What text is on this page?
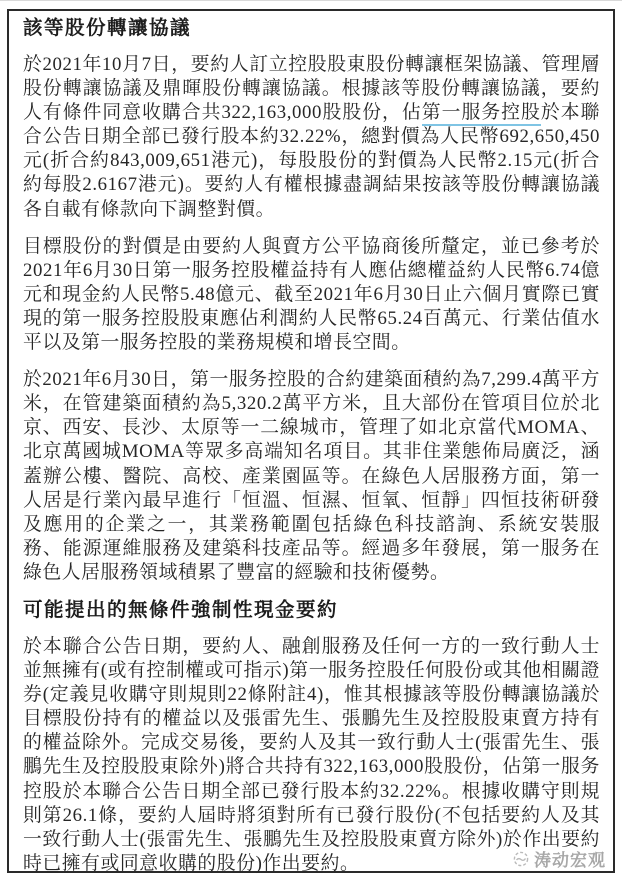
該等股份轉讓協議

於2021年10月7日，要約人訂立控股股東股份轉讓框架協議、管理層股份轉讓協議及鼎暉股份轉讓協議。根據該等股份轉讓協議，要約人有條件同意收購合共322,163,000股股份，佔第一服务控股於本聯合公告日期全部已發行股本約32.22%，總對價為人民幣692,650,450元(折合約843,009,651港元)，每股股份的對價為人民幣2.15元(折合約每股2.6167港元)。要約人有權根據盡調結果按該等股份轉讓協議各自載有條款向下調整對價。

目標股份的對價是由要約人與賣方公平協商後所釐定，並已參考於2021年6月30日第一服务控股權益持有人應佔總權益約人民幣6.74億元和現金約人民幣5.48億元、截至2021年6月30日止六個月實際已實現的第一服务控股股東應佔利潤約人民幣65.24百萬元、行業估值水平以及第一服务控股的業務規模和增長空間。

於2021年6月30日，第一服务控股的合約建築面積約為7,299.4萬平方米，在管建築面積約為5,320.2萬平方米，且大部份在管項目位於北京、西安、長沙、太原等一二線城市，管理了如北京當代MOMA、北京萬國城MOMA等眾多高端知名項目。其非住業態佈局廣泛，涵蓋辦公樓、醫院、高校、產業園區等。在綠色人居服務方面，第一人居是行業內最早進行「恒溫、恒濕、恒氧、恒靜」四恒技術研發及應用的企業之一，其業務範圍包括綠色科技諮詢、系統安裝服務、能源運維服務及建築科技產品等。經過多年發展，第一服务在綠色人居服務領域積累了豐富的經驗和技術優勢。

可能提出的無條件強制性現金要約

於本聯合公告日期，要約人、融創服務及任何一方的一致行動人士並無擁有(或有控制權或可指示)第一服务控股任何股份或其他相關證券(定義見收購守則規則22條附註4)，惟其根據該等股份轉讓協議於目標股份持有的權益以及張雷先生、張鵬先生及控股股東賣方持有的權益除外。完成交易後，要約人及其一致行動人士(張雷先生、張鵬先生及控股股東除外)將合共持有322,163,000股股份，佔第一服务控股於本聯合公告日期全部已發行股本約32.22%。根據收購守則規則第26.1條，要約人屆時將須對所有已發行股份(不包括要約人及其一致行動人士(張雷先生、張鵬先生及控股股東賣方除外)於作出要約時已擁有或同意收購的股份)作出要約。	涛动宏观
